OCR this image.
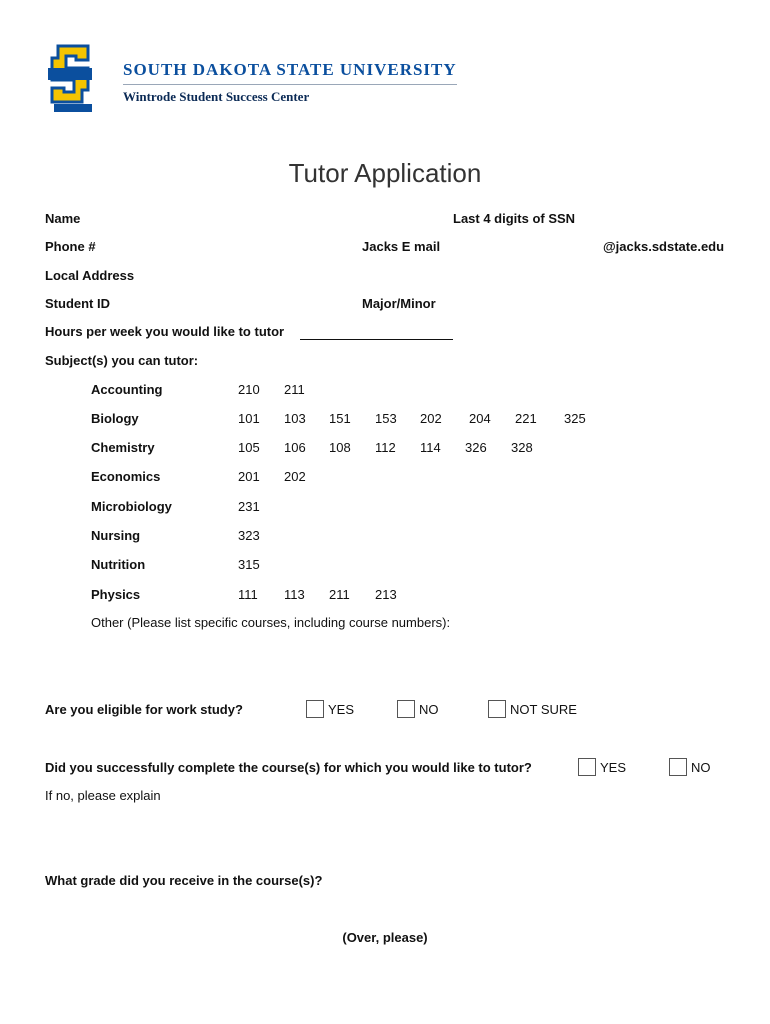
SOUTH DAKOTA STATE UNIVERSITY
Wintrode Student Success Center
Tutor Application
Name	Last 4 digits of SSN
Phone #	Jacks E mail	@jacks.sdstate.edu
Local Address
Student ID	Major/Minor
Hours per week you would like to tutor
Subject(s) you can tutor:
Accounting	210 211
Biology	101 103 151 153 202 204 221 325
Chemistry	105 106 108 112 114 326 328
Economics	201 202
Microbiology	231
Nursing	323
Nutrition	315
Physics	111 113 211 213
Other (Please list specific courses, including course numbers):
Are you eligible for work study?	YES	NO	NOT SURE
Did you successfully complete the course(s) for which you would like to tutor?	YES	NO
If no, please explain
What grade did you receive in the course(s)?
(Over, please)
